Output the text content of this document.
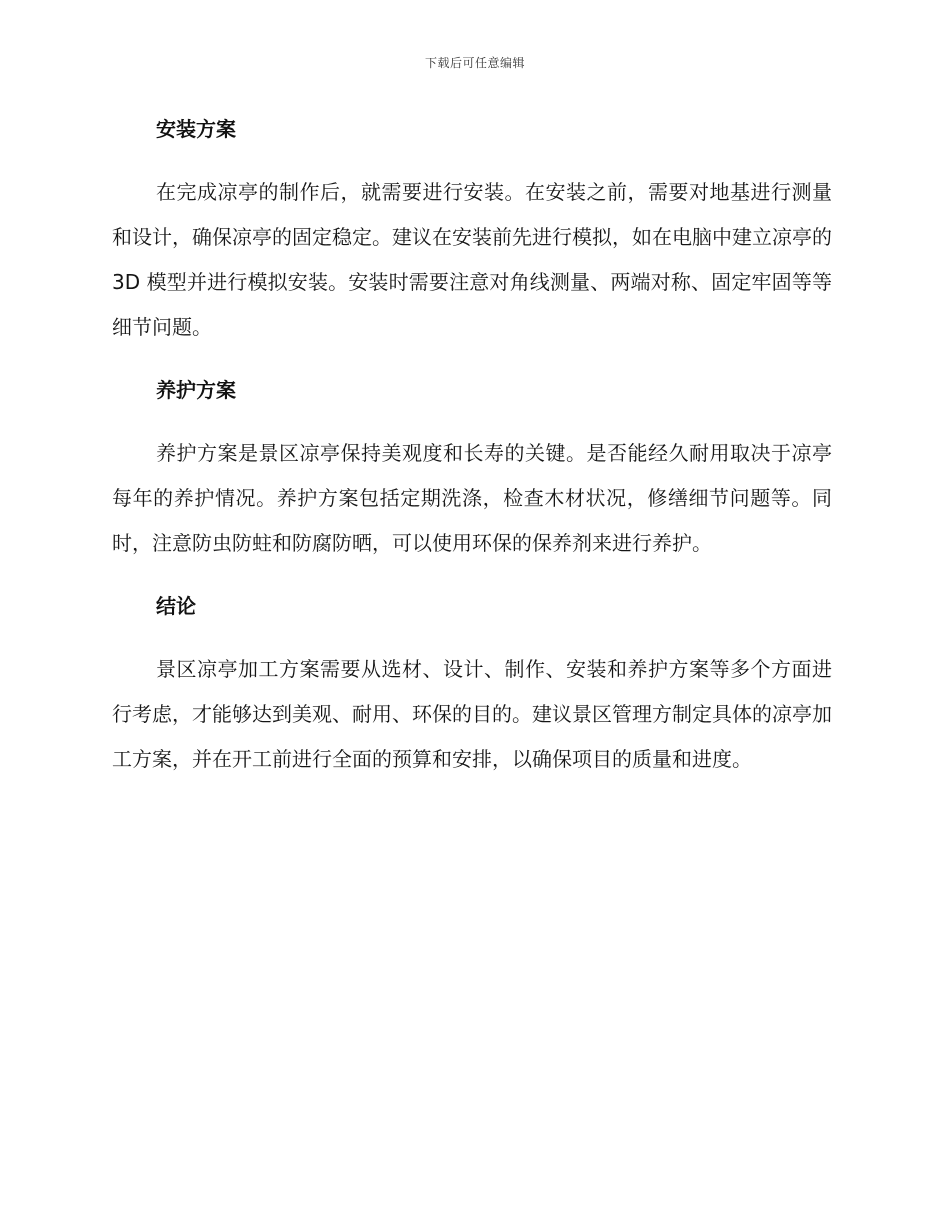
下载后可任意编辑
安装方案

在完成凉亭的制作后，就需要进行安装。在安装之前，需要对地基进行测量和设计，确保凉亭的固定稳定。建议在安装前先进行模拟，如在电脑中建立凉亭的 3D 模型并进行模拟安装。安装时需要注意对角线测量、两端对称、固定牢固等等细节问题。

养护方案

养护方案是景区凉亭保持美观度和长寿的关键。是否能经久耐用取决于凉亭每年的养护情况。养护方案包括定期洗涤，检查木材状况，修缮细节问题等。同时，注意防虫防蛀和防腐防晒，可以使用环保的保养剂来进行养护。

结论

景区凉亭加工方案需要从选材、设计、制作、安装和养护方案等多个方面进行考虑，才能够达到美观、耐用、环保的目的。建议景区管理方制定具体的凉亭加工方案，并在开工前进行全面的预算和安排，以确保项目的质量和进度。
